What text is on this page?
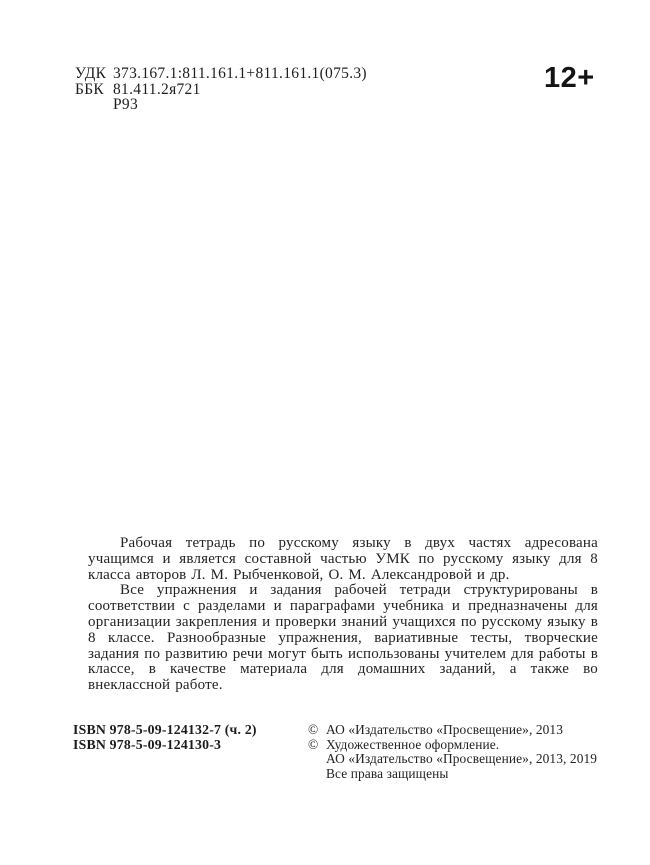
УДК 373.167.1:811.161.1+811.161.1(075.3)
ББК 81.411.2я721
Р93
12+

Рабочая тетрадь по русскому языку в двух частях адресована учащимся и является составной частью УМК по русскому языку для 8 класса авторов Л. М. Рыбченковой, О. М. Александровой и др.

Все упражнения и задания рабочей тетради структурированы в соответствии с разделами и параграфами учебника и предназначены для организации закрепления и проверки знаний учащихся по русскому языку в 8 классе. Разнообразные упражнения, вариативные тесты, творческие задания по развитию речи могут быть использованы учителем для работы в классе, в качестве материала для домашних заданий, а также во внеклассной работе.

ISBN 978-5-09-124132-7 (ч. 2)
ISBN 978-5-09-124130-3
© АО «Издательство «Просвещение», 2013
© Художественное оформление.
АО «Издательство «Просвещение», 2013, 2019
Все права защищены
